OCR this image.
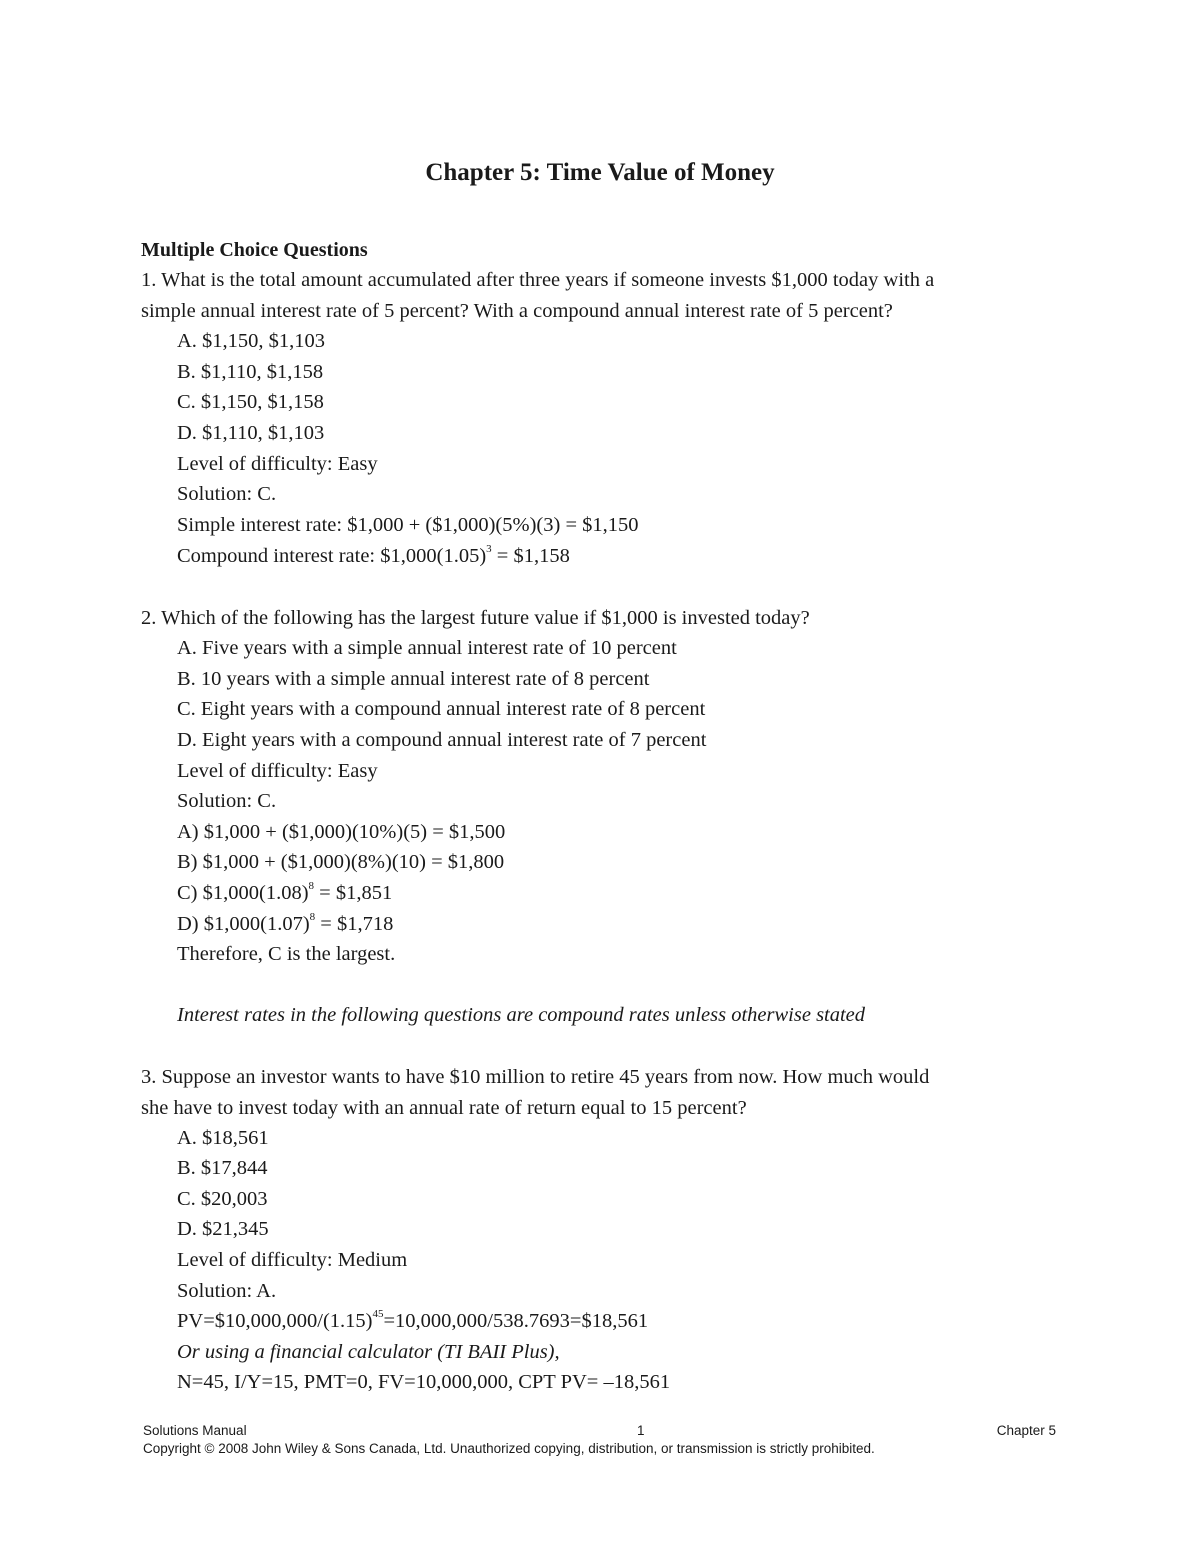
Chapter 5: Time Value of Money
Multiple Choice Questions
1. What is the total amount accumulated after three years if someone invests $1,000 today with a
simple annual interest rate of 5 percent? With a compound annual interest rate of 5 percent?
A. $1,150, $1,103
B. $1,110, $1,158
C. $1,150, $1,158
D. $1,110, $1,103
Level of difficulty: Easy
Solution: C.
Simple interest rate: $1,000 + ($1,000)(5%)(3) = $1,150
Compound interest rate: $\$1,000(1.05)^3$ = $1,158
2. Which of the following has the largest future value if $1,000 is invested today?
A. Five years with a simple annual interest rate of 10 percent
B. 10 years with a simple annual interest rate of 8 percent
C. Eight years with a compound annual interest rate of 8 percent
D. Eight years with a compound annual interest rate of 7 percent
Level of difficulty: Easy
Solution: C.
A) $1,000 + ($1,000)(10%)(5) = $1,500
B) $1,000 + ($1,000)(8%)(10) = $1,800
C) $\$1,000(1.08)^8$ = $1,851
D) $\$1,000(1.07)^8$ = $1,718
Therefore, C is the largest.
Interest rates in the following questions are compound rates unless otherwise stated
3. Suppose an investor wants to have $10 million to retire 45 years from now. How much would
she have to invest today with an annual rate of return equal to 15 percent?
A. $18,561
B. $17,844
C. $20,003
D. $21,345
Level of difficulty: Medium
Solution: A.
$PV=\$10,000,000/(1.15)^{45}=10,000,000/538.7693=\$18,561$
Or using a financial calculator (TI BAII Plus),
N=45, I/Y=15, PMT=0, FV=10,000,000, CPT PV= –18,561
Solutions Manual	1	Chapter 5
Copyright © 2008 John Wiley & Sons Canada, Ltd. Unauthorized copying, distribution, or transmission is strictly prohibited.
